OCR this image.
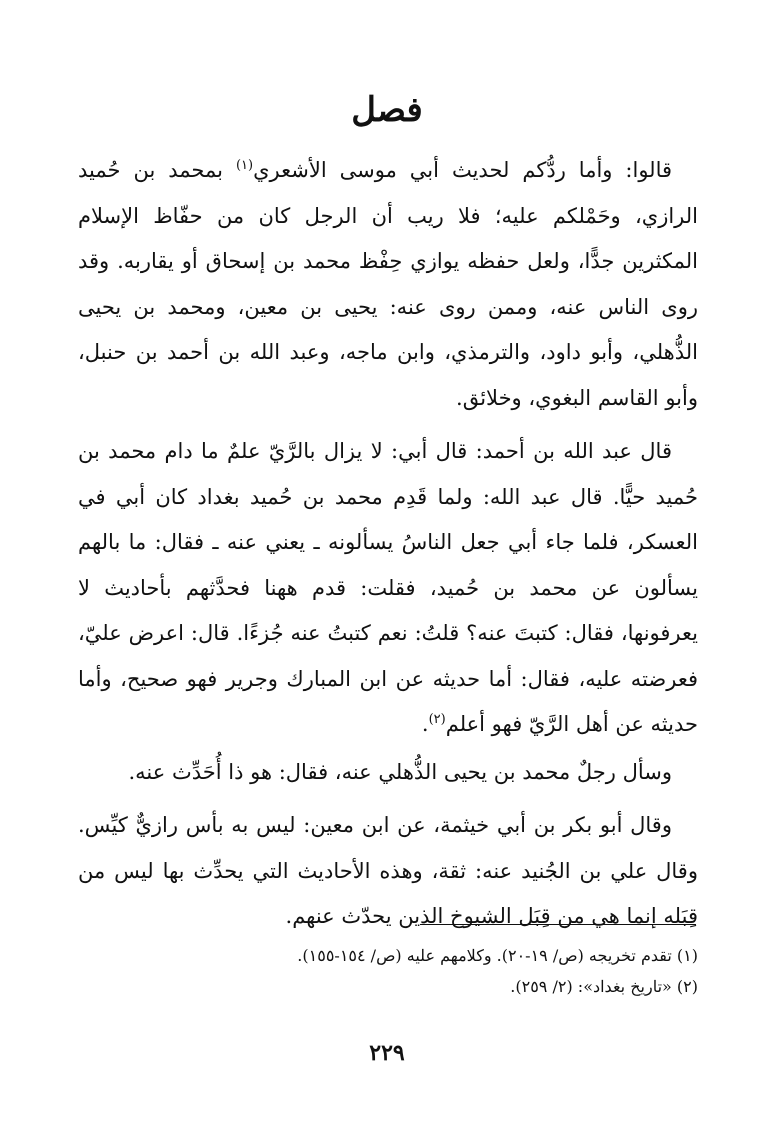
فصل

قالوا: وأما ردُّكم لحديث أبي موسى الأشعري$^{(١)}$ بمحمد بن حُميد الرازي، وحَمْلكم عليه؛ فلا ريب أن الرجل كان من حفّاظ الإسلام المكثرين جدًّا، ولعل حفظه يوازي حِفْظ محمد بن إسحاق أو يقاربه. وقد روى الناس عنه، وممن روى عنه: يحيى بن معين، ومحمد بن يحيى الذُّهلي، وأبو داود، والترمذي، وابن ماجه، وعبد الله بن أحمد بن حنبل، وأبو القاسم البغوي، وخلائق.

قال عبد الله بن أحمد: قال أبي: لا يزال بالرَّيّ علمٌ ما دام محمد بن حُميد حيًّا. قال عبد الله: ولما قَدِم محمد بن حُميد بغداد كان أبي في العسكر، فلما جاء أبي جعل الناسُ يسألونه ـ يعني عنه ـ فقال: ما بالهم يسألون عن محمد بن حُميد، فقلت: قدم ههنا فحدَّثهم بأحاديث لا يعرفونها، فقال: كتبتَ عنه؟ قلتُ: نعم كتبتُ عنه جُزءًا. قال: اعرض عليّ، فعرضته عليه، فقال: أما حديثه عن ابن المبارك وجرير فهو صحيح، وأما حديثه عن أهل الرَّيّ فهو أعلم$^{(٢)}$.

وسأل رجلٌ محمد بن يحيى الذُّهلي عنه، فقال: هو ذا أُحَدِّث عنه.

وقال أبو بكر بن أبي خيثمة، عن ابن معين: ليس به بأس رازيٌّ كيِّس. وقال علي بن الجُنيد عنه: ثقة، وهذه الأحاديث التي يحدِّث بها ليس من قِبَله إنما هي من قِبَل الشيوخ الذين يحدّث عنهم.

(١) تقدم تخريجه (ص/ ١٩-٢٠). وكلامهم عليه (ص/ ١٥٤-١٥٥).

(٢) «تاريخ بغداد»: (٢/ ٢٥٩).

٢٢٩
